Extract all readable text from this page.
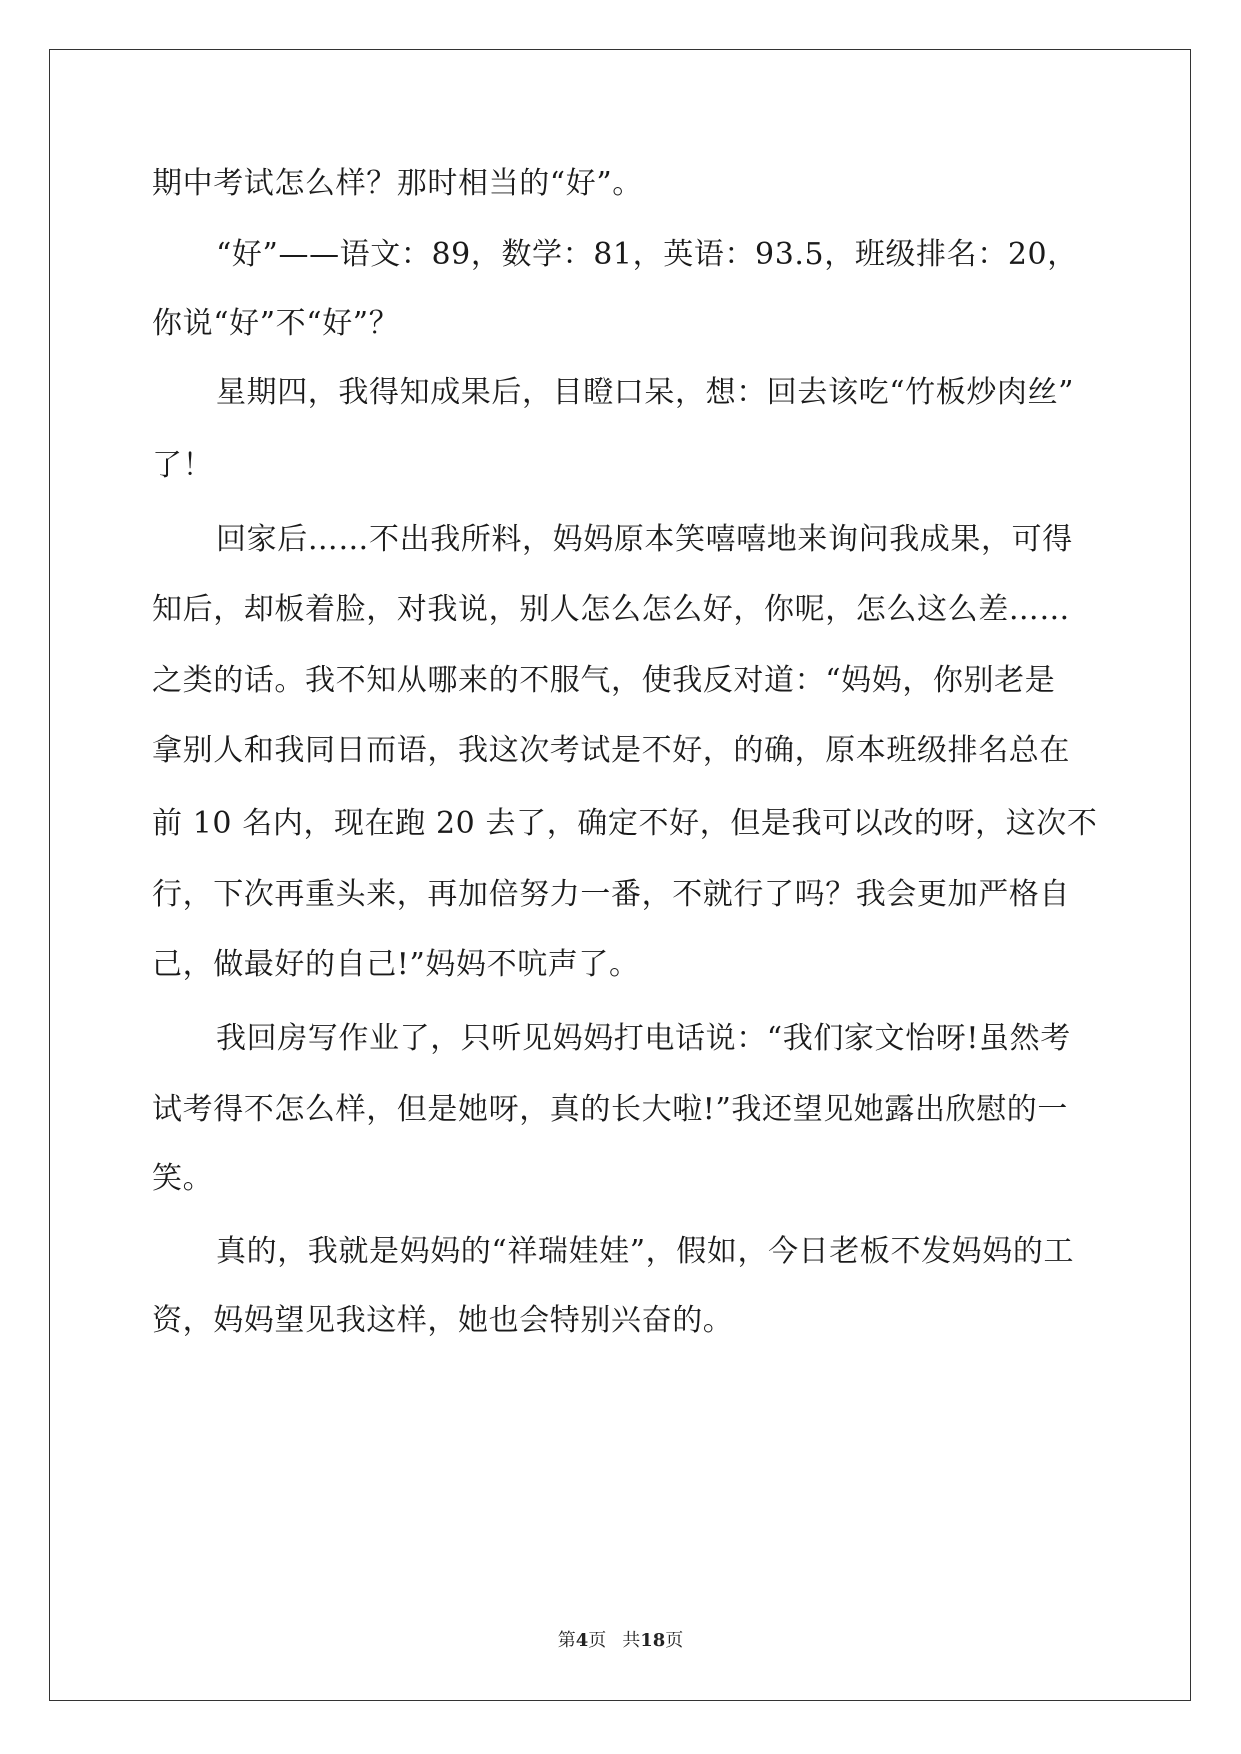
期中考试怎么样？那时相当的“好”。
“好”——语文：89，数学：81，英语：93.5，班级排名：20，
你说“好”不“好”？
星期四，我得知成果后，目瞪口呆，想：回去该吃“竹板炒肉丝”
了！
回家后……不出我所料，妈妈原本笑嘻嘻地来询问我成果，可得
知后，却板着脸，对我说，别人怎么怎么好，你呢，怎么这么差……
之类的话。我不知从哪来的不服气，使我反对道：“妈妈，你别老是
拿别人和我同日而语，我这次考试是不好，的确，原本班级排名总在
前 10 名内，现在跑 20 去了，确定不好，但是我可以改的呀，这次不
行，下次再重头来，再加倍努力一番，不就行了吗？我会更加严格自
己，做最好的自己!”妈妈不吭声了。
我回房写作业了，只听见妈妈打电话说：“我们家文怡呀!虽然考
试考得不怎么样，但是她呀，真的长大啦!”我还望见她露出欣慰的一
笑。
真的，我就是妈妈的“祥瑞娃娃”，假如，今日老板不发妈妈的工
资，妈妈望见我这样，她也会特别兴奋的。
第4页 共18页
